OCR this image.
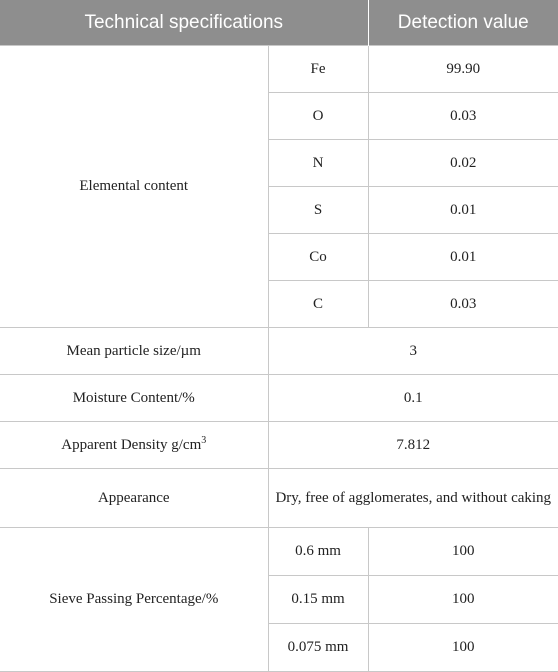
Technical specifications		Detection value
Elemental content	Fe	99.90
	O	0.03
	N	0.02
	S	0.01
	Co	0.01
	C	0.03
Mean particle size/µm	3	
Moisture Content/%	0.1	
Apparent Density $g/cm^3$	7.812	
Appearance	Dry, free of agglomerates, and without caking	
Sieve Passing Percentage/%	0.6 mm	100
	0.15 mm	100
	0.075 mm	100
